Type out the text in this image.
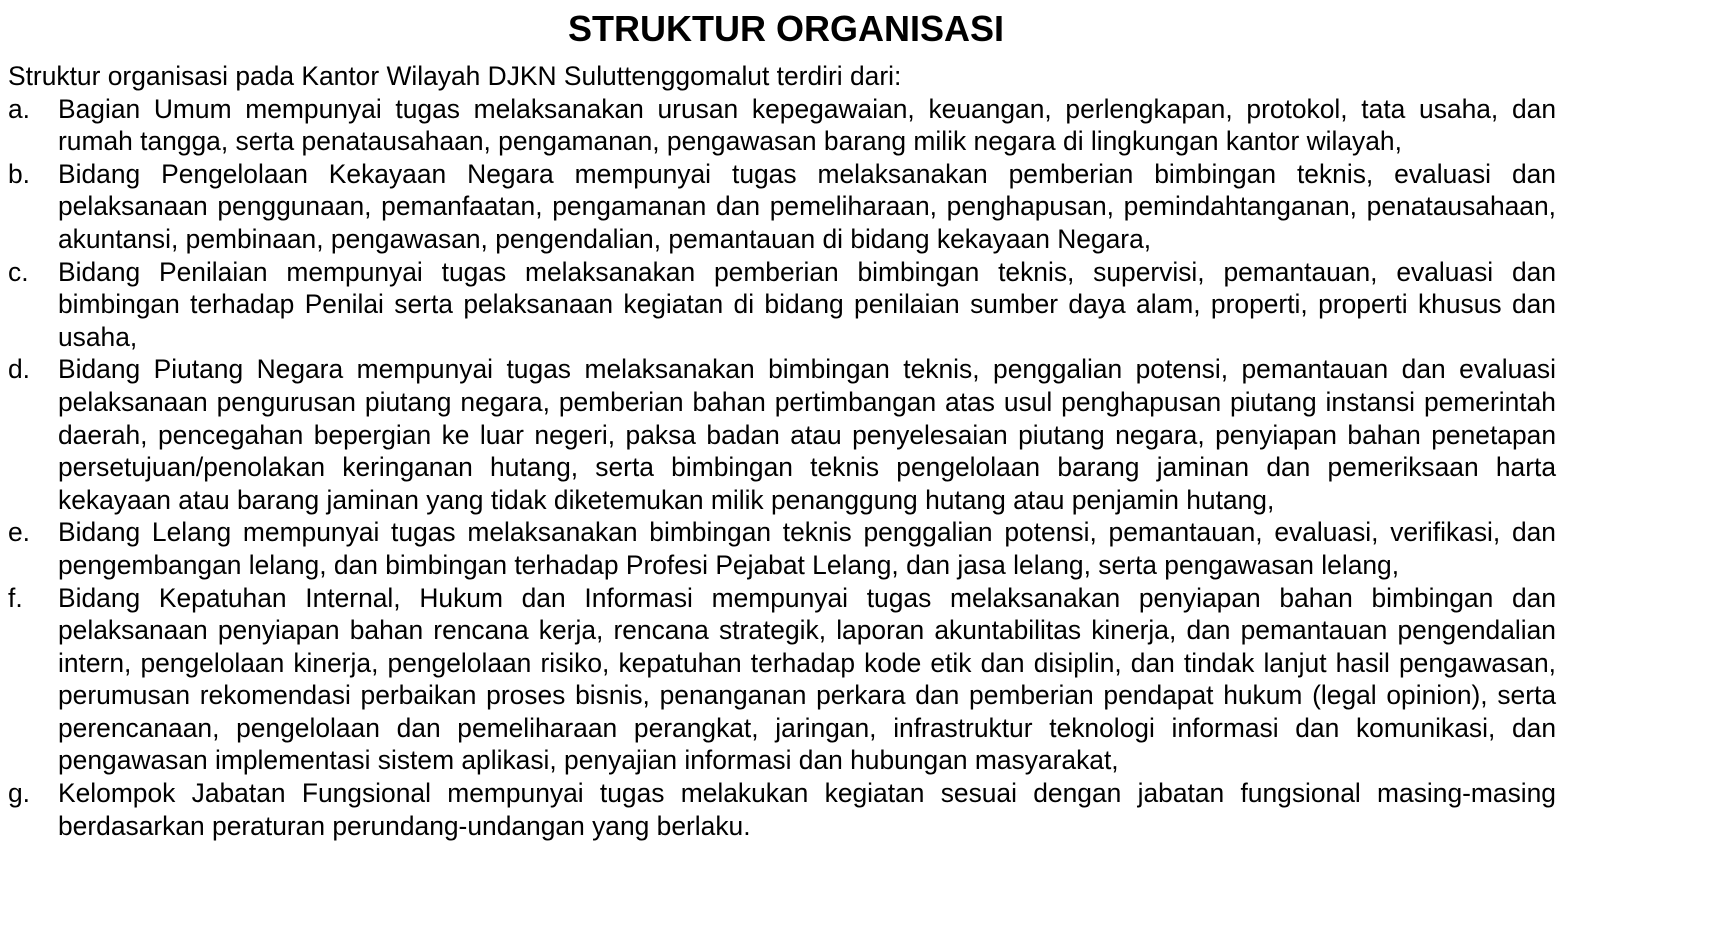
STRUKTUR ORGANISASI

Struktur organisasi pada Kantor Wilayah DJKN Suluttenggomalut terdiri dari:

a.	Bagian Umum mempunyai tugas melaksanakan urusan kepegawaian, keuangan, perlengkapan, protokol, tata usaha, dan rumah tangga, serta penatausahaan, pengamanan, pengawasan barang milik negara di lingkungan kantor wilayah,
b.	Bidang Pengelolaan Kekayaan Negara mempunyai tugas melaksanakan pemberian bimbingan teknis, evaluasi dan pelaksanaan penggunaan, pemanfaatan, pengamanan dan pemeliharaan, penghapusan, pemindahtanganan, penatausahaan, akuntansi, pembinaan, pengawasan, pengendalian, pemantauan di bidang kekayaan Negara,
c.	Bidang Penilaian mempunyai tugas melaksanakan pemberian bimbingan teknis, supervisi, pemantauan, evaluasi dan bimbingan terhadap Penilai serta pelaksanaan kegiatan di bidang penilaian sumber daya alam, properti, properti khusus dan usaha,
d.	Bidang Piutang Negara mempunyai tugas melaksanakan bimbingan teknis, penggalian potensi, pemantauan dan evaluasi pelaksanaan pengurusan piutang negara, pemberian bahan pertimbangan atas usul penghapusan piutang instansi pemerintah daerah, pencegahan bepergian ke luar negeri, paksa badan atau penyelesaian piutang negara, penyiapan bahan penetapan persetujuan/penolakan keringanan hutang, serta bimbingan teknis pengelolaan barang jaminan dan pemeriksaan harta kekayaan atau barang jaminan yang tidak diketemukan milik penanggung hutang atau penjamin hutang,
e.	Bidang Lelang mempunyai tugas melaksanakan bimbingan teknis penggalian potensi, pemantauan, evaluasi, verifikasi, dan pengembangan lelang, dan bimbingan terhadap Profesi Pejabat Lelang, dan jasa lelang, serta pengawasan lelang,
f.	Bidang Kepatuhan Internal, Hukum dan Informasi mempunyai tugas melaksanakan penyiapan bahan bimbingan dan pelaksanaan penyiapan bahan rencana kerja, rencana strategik, laporan akuntabilitas kinerja, dan pemantauan pengendalian intern, pengelolaan kinerja, pengelolaan risiko, kepatuhan terhadap kode etik dan disiplin, dan tindak lanjut hasil pengawasan, perumusan rekomendasi perbaikan proses bisnis, penanganan perkara dan pemberian pendapat hukum (legal opinion), serta perencanaan, pengelolaan dan pemeliharaan perangkat, jaringan, infrastruktur teknologi informasi dan komunikasi, dan pengawasan implementasi sistem aplikasi, penyajian informasi dan hubungan masyarakat,
g.	Kelompok Jabatan Fungsional mempunyai tugas melakukan kegiatan sesuai dengan jabatan fungsional masing-masing berdasarkan peraturan perundang-undangan yang berlaku.
